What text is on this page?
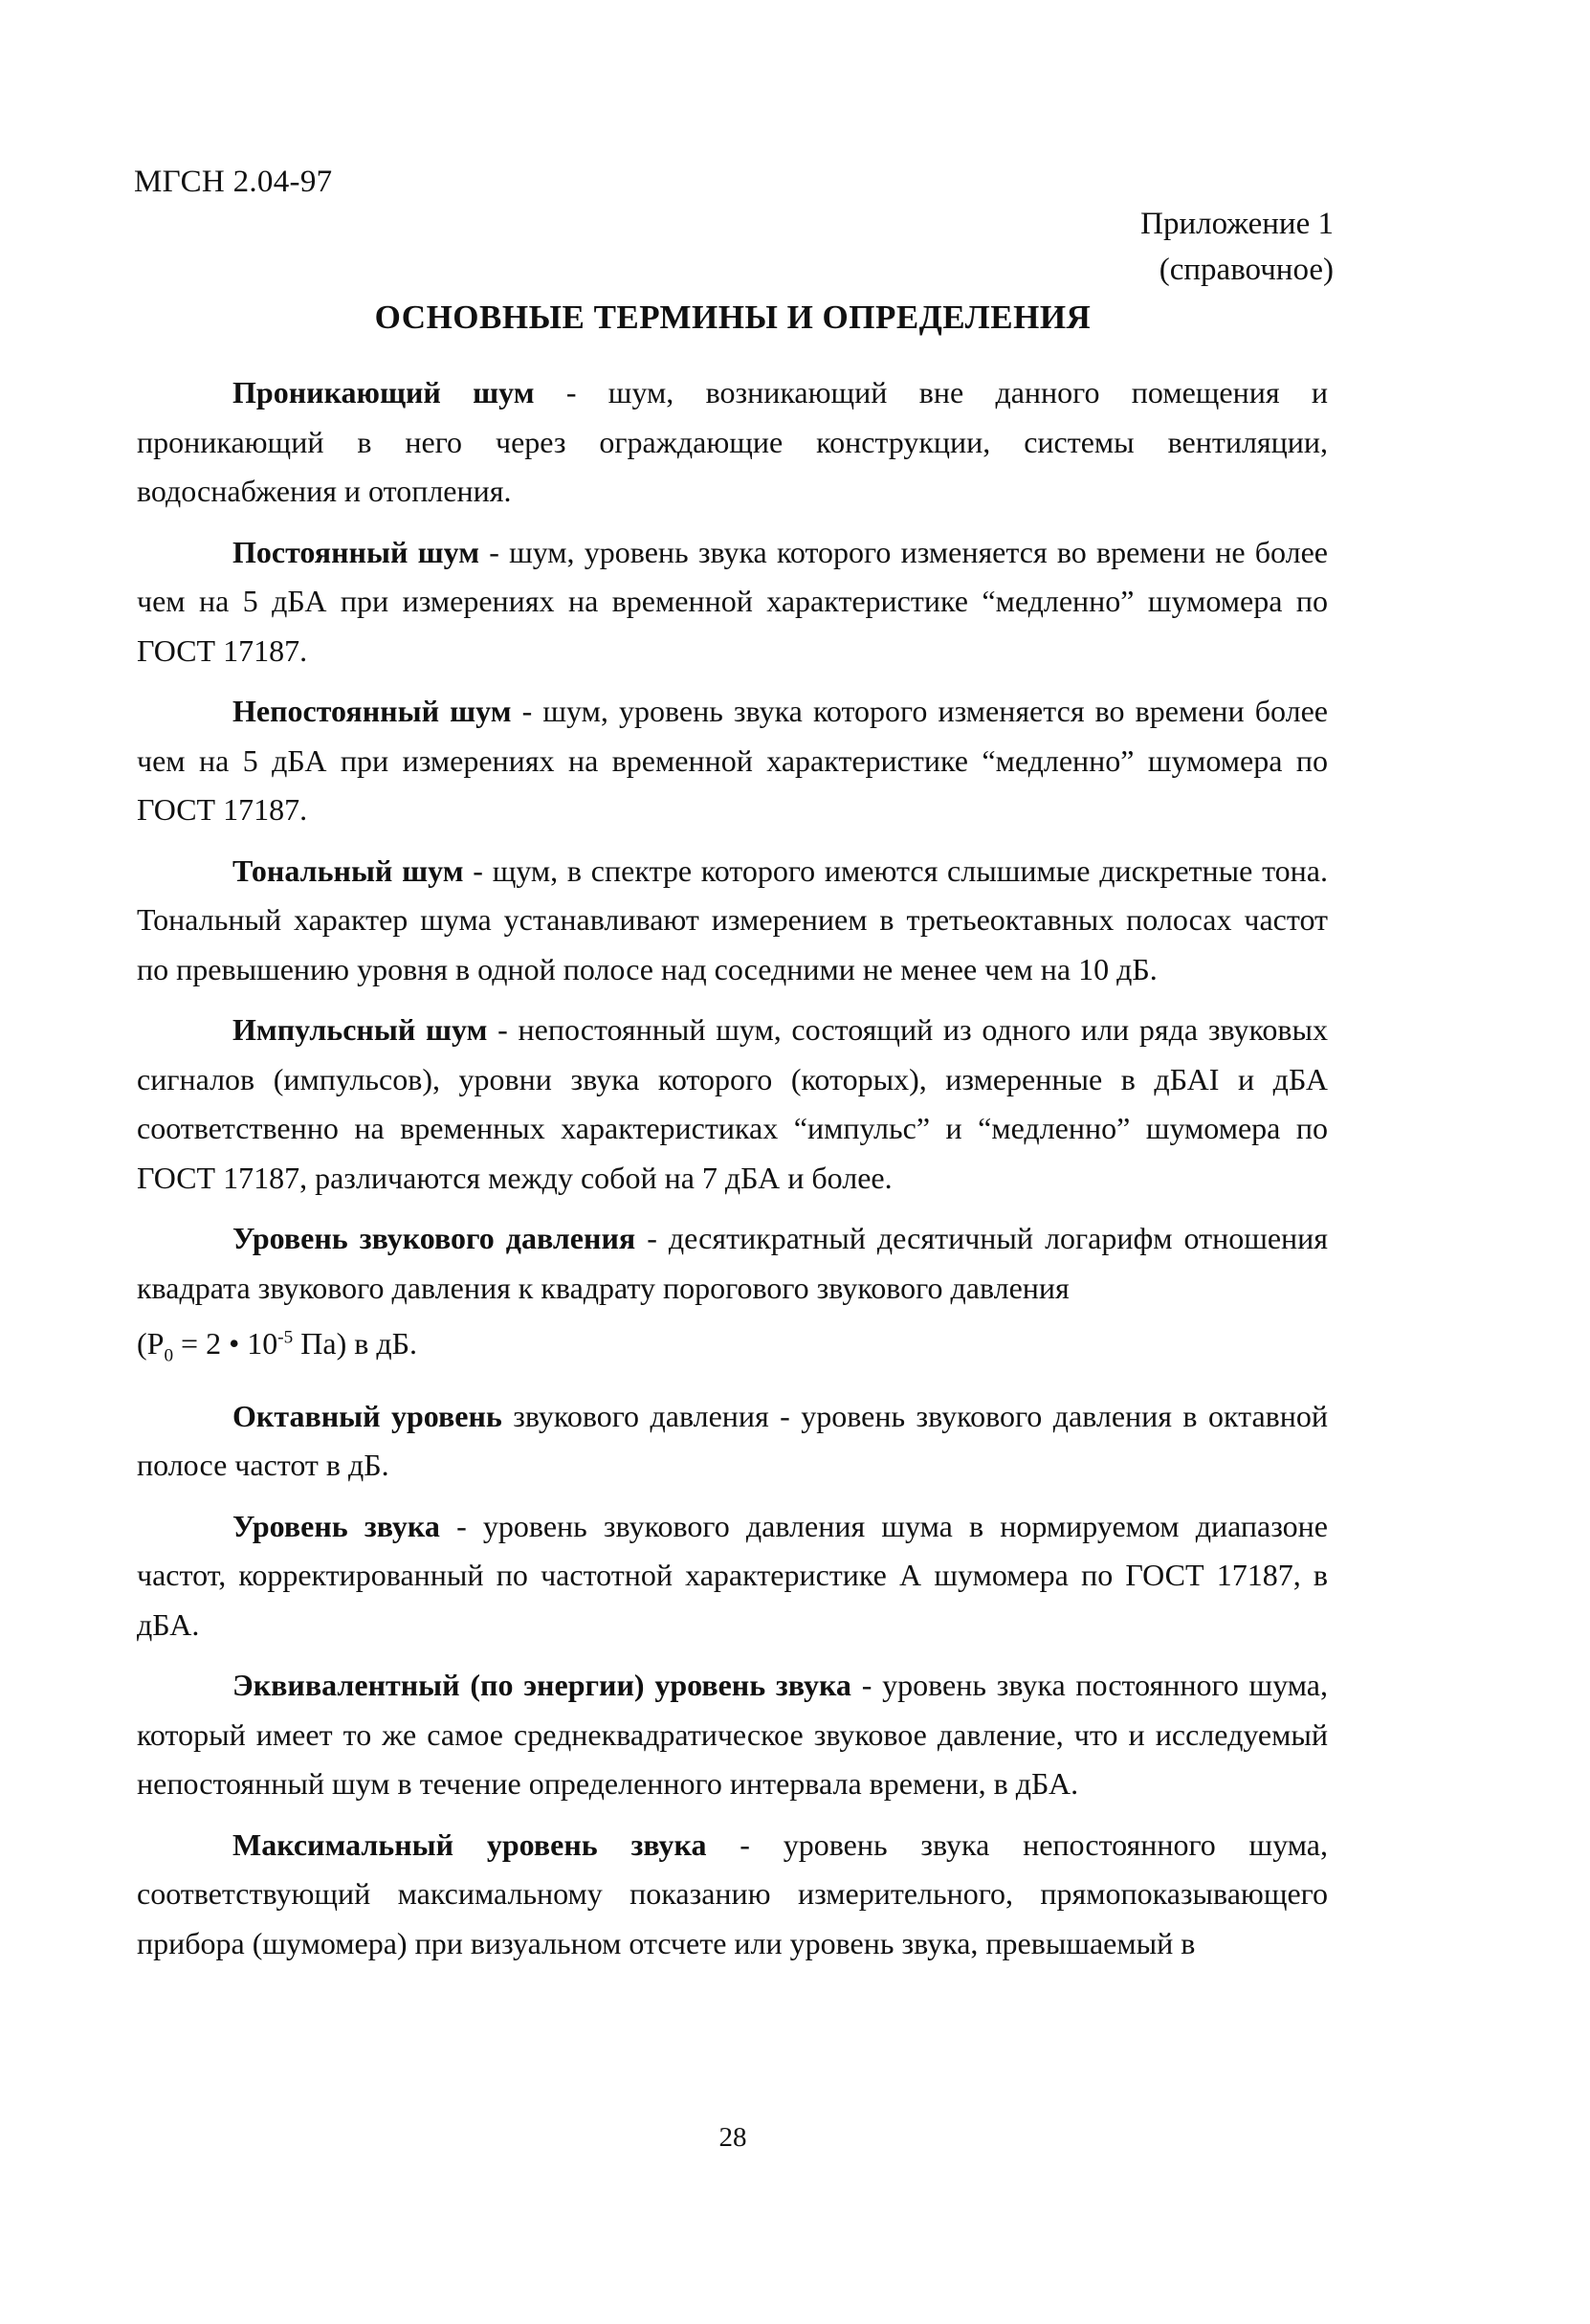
МГСН 2.04-97
Приложение 1
(справочное)
ОСНОВНЫЕ ТЕРМИНЫ И ОПРЕДЕЛЕНИЯ

Проникающий шум - шум, возникающий вне данного помещения и проникающий в него через ограждающие конструкции, системы вентиляции, водоснабжения и отопления.

Постоянный шум - шум, уровень звука которого изменяется во времени не более чем на 5 дБА при измерениях на временной характеристике “медленно” шумомера по ГОСТ 17187.

Непостоянный шум - шум, уровень звука которого изменяется во времени более чем на 5 дБА при измерениях на временной характеристике “медленно” шумомера по ГОСТ 17187.

Тональный шум - щум, в спектре которого имеются слышимые дискретные тона. Тональный характер шума устанавливают измерением в третьеоктавных полосах частот по превышению уровня в одной полосе над соседними не менее чем на 10 дБ.

Импульсный шум - непостоянный шум, состоящий из одного или ряда звуковых сигналов (импульсов), уровни звука которого (которых), измеренные в дБАI и дБА соответственно на временных характеристиках “импульс” и “медленно” шумомера по ГОСТ 17187, различаются между собой на 7 дБА и более.

Уровень звукового давления - десятикратный десятичный логарифм отношения квадрата звукового давления к квадрату порогового звукового давления
($P_0 = 2$ • $10^{-5}$ Па) в дБ.

Октавный уровень звукового давления - уровень звукового давления в октавной полосе частот в дБ.

Уровень звука - уровень звукового давления шума в нормируемом диапазоне частот, корректированный по частотной характеристике А шумомера по ГОСТ 17187, в дБА.

Эквивалентный (по энергии) уровень звука - уровень звука постоянного шума, который имеет то же самое среднеквадратическое звуковое давление, что и исследуемый непостоянный шум в течение определенного интервала времени, в дБА.

Максимальный уровень звука - уровень звука непостоянного шума, соответствующий максимальному показанию измерительного, прямопоказывающего прибора (шумомера) при визуальном отсчете или уровень звука, превышаемый в

28
